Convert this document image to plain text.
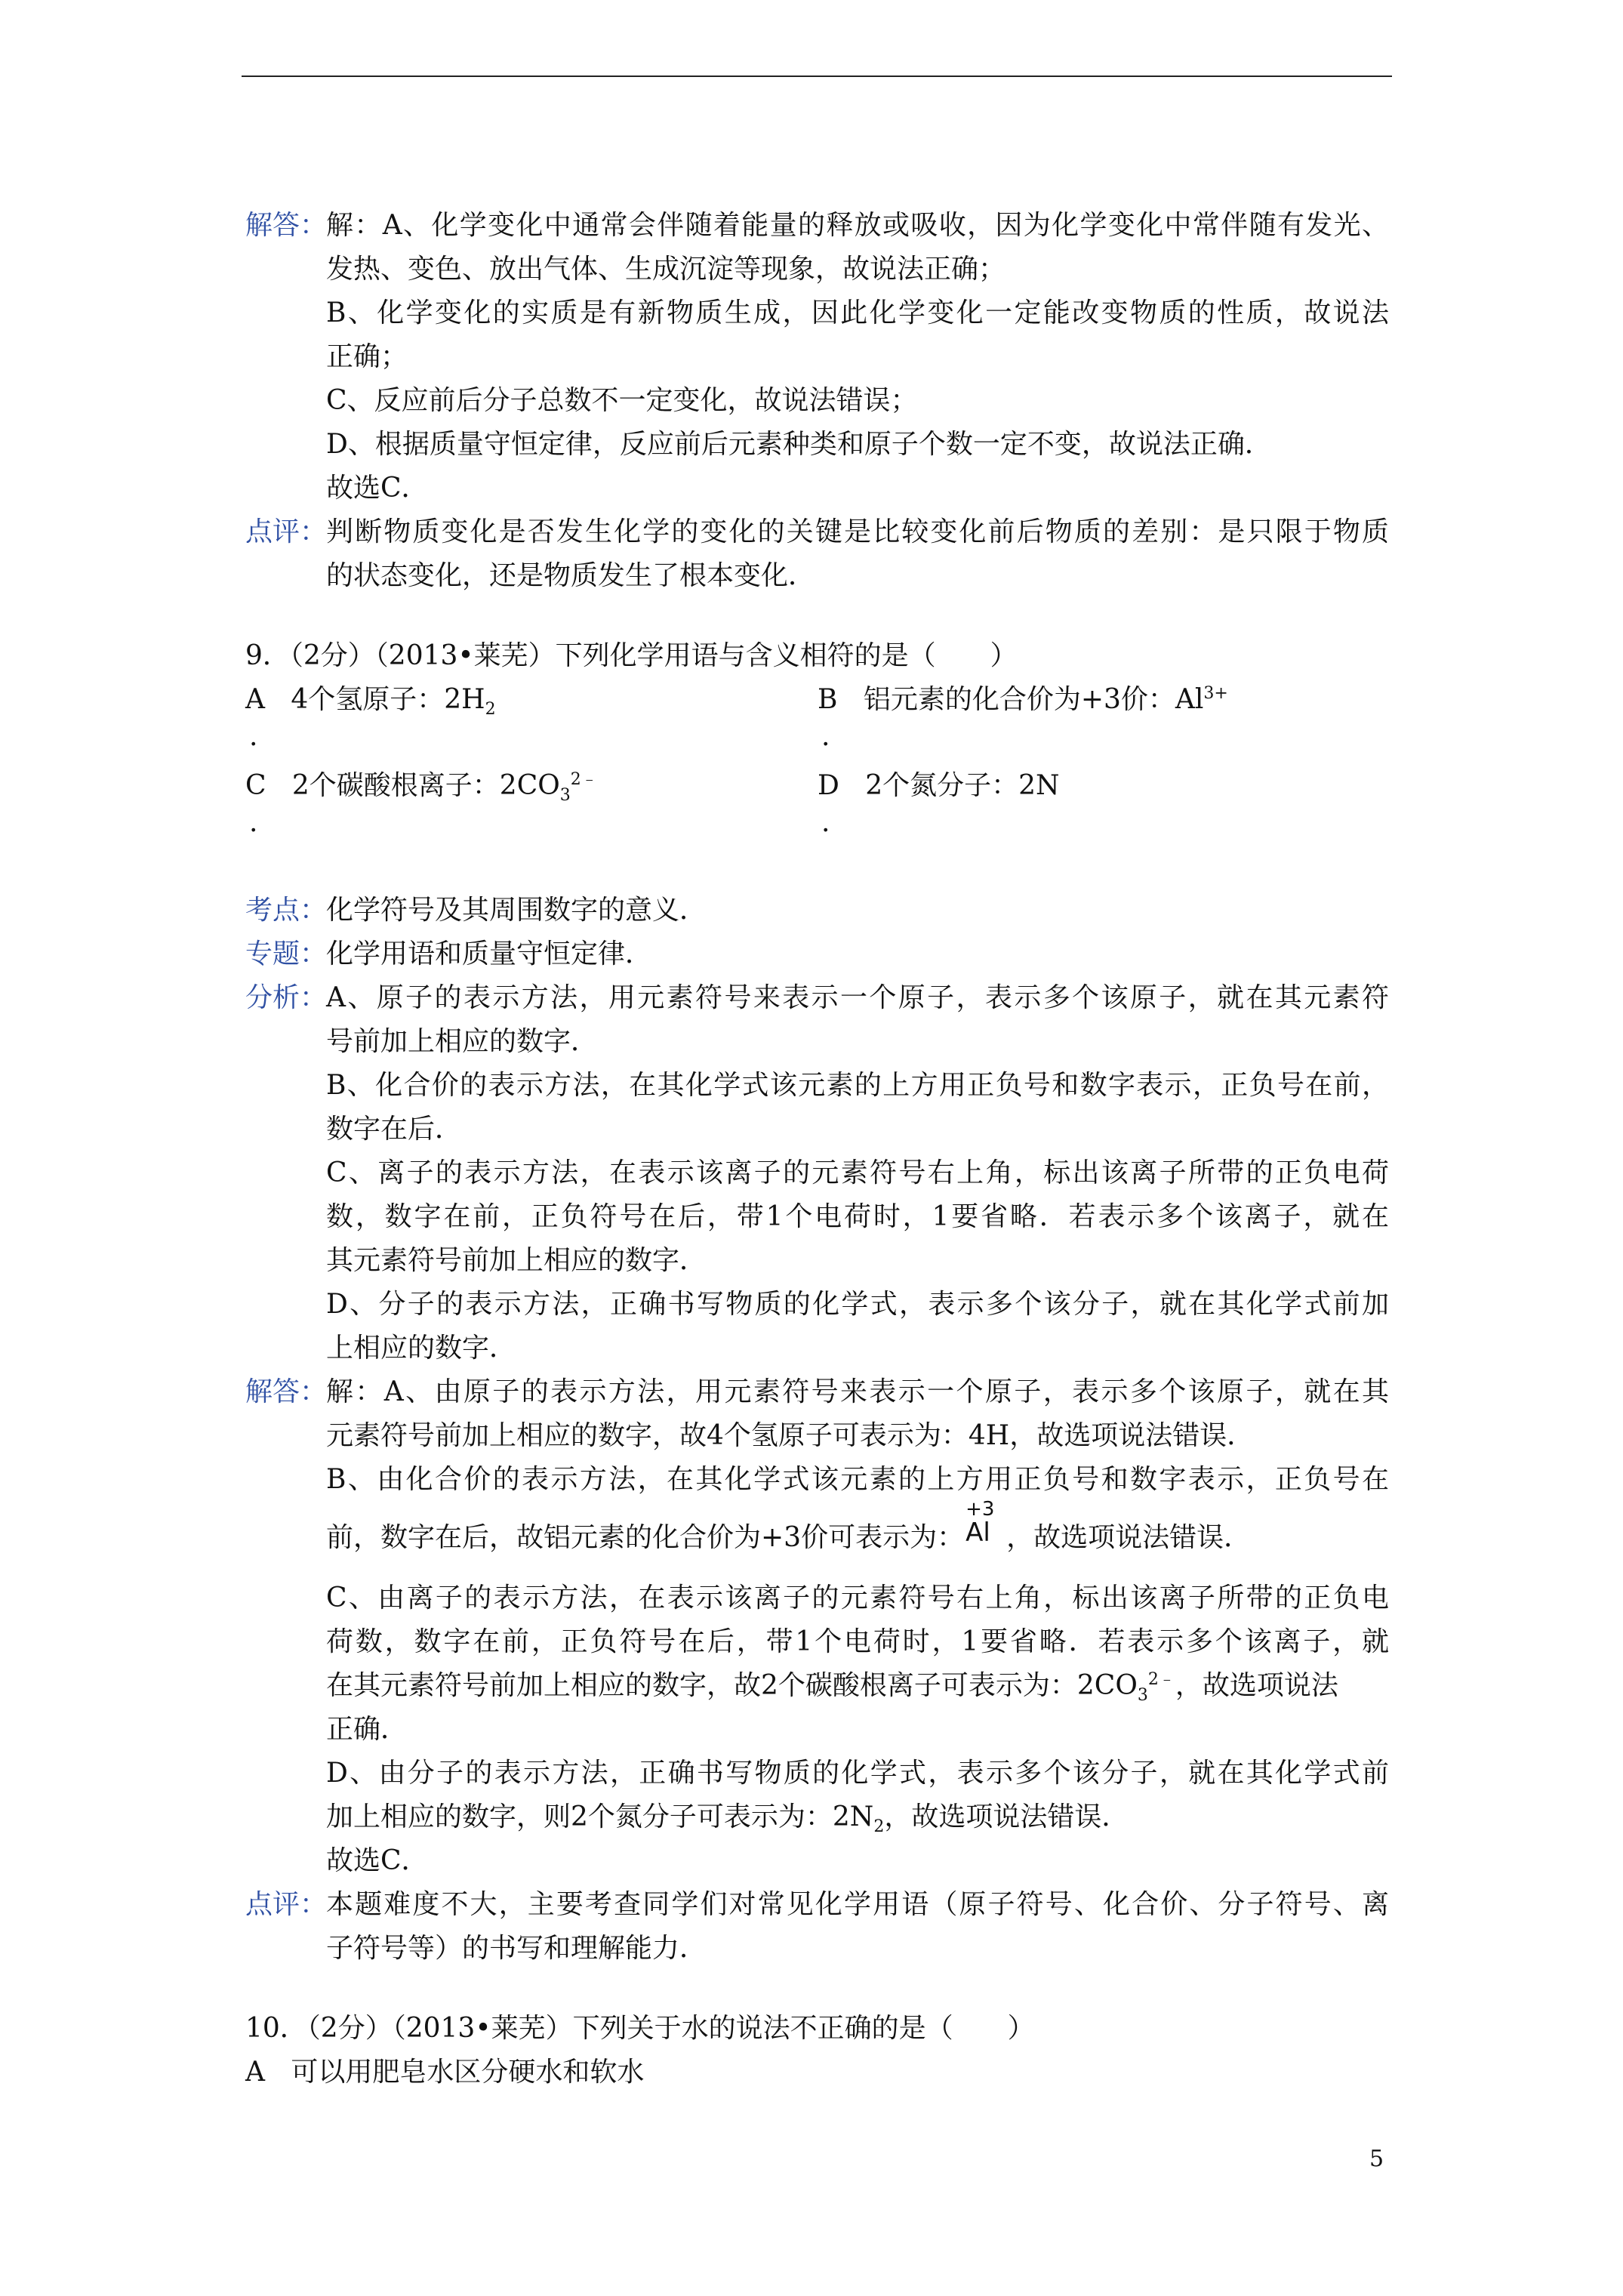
解答：
解：A、化学变化中通常会伴随着能量的释放或吸收，因为化学变化中常伴随有发光、
发热、变色、放出气体、生成沉淀等现象，故说法正确；
B、化学变化的实质是有新物质生成，因此化学变化一定能改变物质的性质，故说法
正确；
C、反应前后分子总数不一定变化，故说法错误；
D、根据质量守恒定律，反应前后元素种类和原子个数一定不变，故说法正确．
故选C．
点评：
判断物质变化是否发生化学的变化的关键是比较变化前后物质的差别：是只限于物质
的状态变化，还是物质发生了根本变化．
9．（2分）（2013•莱芜）下列化学用语与含义相符的是（　　）
A 4个氢原子：$2H_2$	B 铝元素的化合价为+3价：$Al^{3+}$
.	.
C 2个碳酸根离子：$2CO_3^{2﹣}$	D 2个氮分子：2N
.	.
考点：
化学符号及其周围数字的意义．
专题：
化学用语和质量守恒定律．
分析：
A、原子的表示方法，用元素符号来表示一个原子，表示多个该原子，就在其元素符
号前加上相应的数字．
B、化合价的表示方法，在其化学式该元素的上方用正负号和数字表示，正负号在前，
数字在后．
C、离子的表示方法，在表示该离子的元素符号右上角，标出该离子所带的正负电荷
数，数字在前，正负符号在后，带1个电荷时，1要省略．若表示多个该离子，就在
其元素符号前加上相应的数字．
D、分子的表示方法，正确书写物质的化学式，表示多个该分子，就在其化学式前加
上相应的数字．
解答：
解：A、由原子的表示方法，用元素符号来表示一个原子，表示多个该原子，就在其
元素符号前加上相应的数字，故4个氢原子可表示为：4H，故选项说法错误．
B、由化合价的表示方法，在其化学式该元素的上方用正负号和数字表示，正负号在
前，数字在后，故铝元素的化合价为+3价可表示为：
+3
Al ，故选项说法错误．
C、由离子的表示方法，在表示该离子的元素符号右上角，标出该离子所带的正负电
荷数，数字在前，正负符号在后，带1个电荷时，1要省略．若表示多个该离子，就
在其元素符号前加上相应的数字，故2个碳酸根离子可表示为：$2CO_3^{2﹣}$，故选项说法
正确．
D、由分子的表示方法，正确书写物质的化学式，表示多个该分子，就在其化学式前
加上相应的数字，则2个氮分子可表示为：$2N_2$，故选项说法错误．
故选C．
点评：
本题难度不大，主要考查同学们对常见化学用语（原子符号、化合价、分子符号、离
子符号等）的书写和理解能力．
10．（2分）（2013•莱芜）下列关于水的说法不正确的是（　　）
A 可以用肥皂水区分硬水和软水
5
